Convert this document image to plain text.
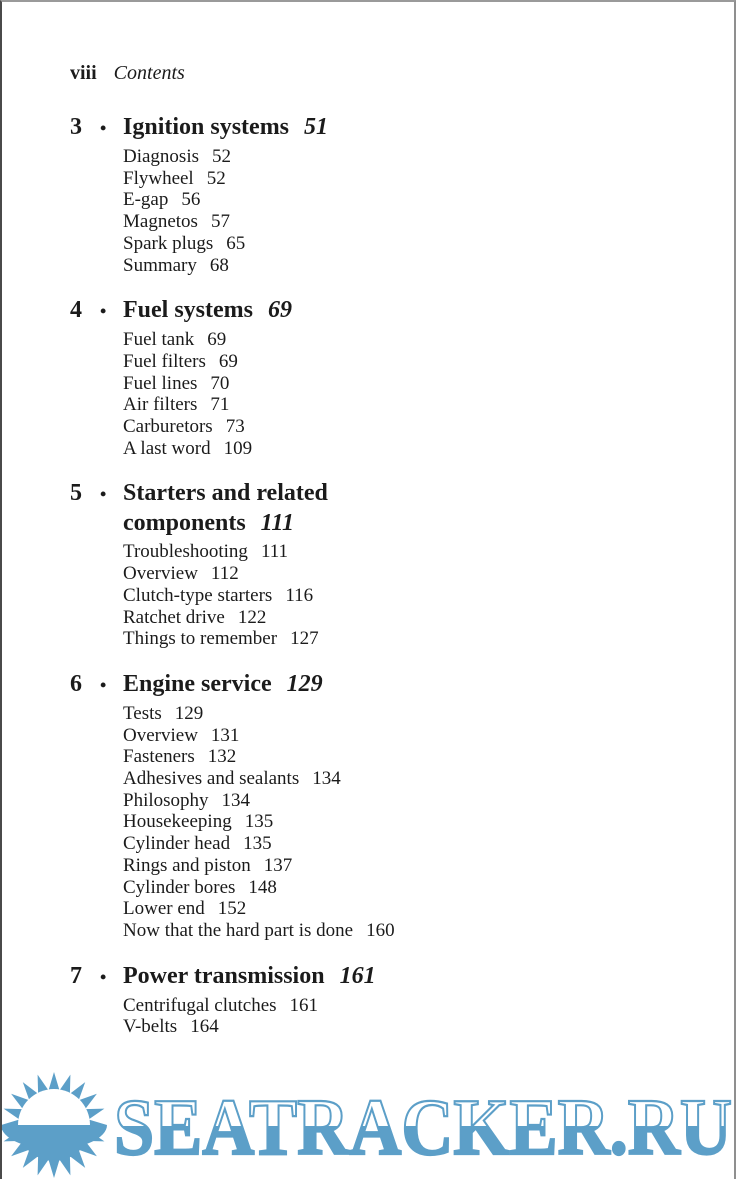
viii Contents
3	• Ignition systems 51
Diagnosis 52
Flywheel 52
E-gap 56
Magnetos 57
Spark plugs 65
Summary 68
4	• Fuel systems 69
Fuel tank 69
Fuel filters 69
Fuel lines 70
Air filters 71
Carburetors 73
A last word 109
5	• Starters and related components 111
Troubleshooting 111
Overview 112
Clutch-type starters 116
Ratchet drive 122
Things to remember 127
6	• Engine service 129
Tests 129
Overview 131
Fasteners 132
Adhesives and sealants 134
Philosophy 134
Housekeeping 135
Cylinder head 135
Rings and piston 137
Cylinder bores 148
Lower end 152
Now that the hard part is done 160
7	• Power transmission 161
Centrifugal clutches 161
V-belts 164
SEATRACKER.RU
